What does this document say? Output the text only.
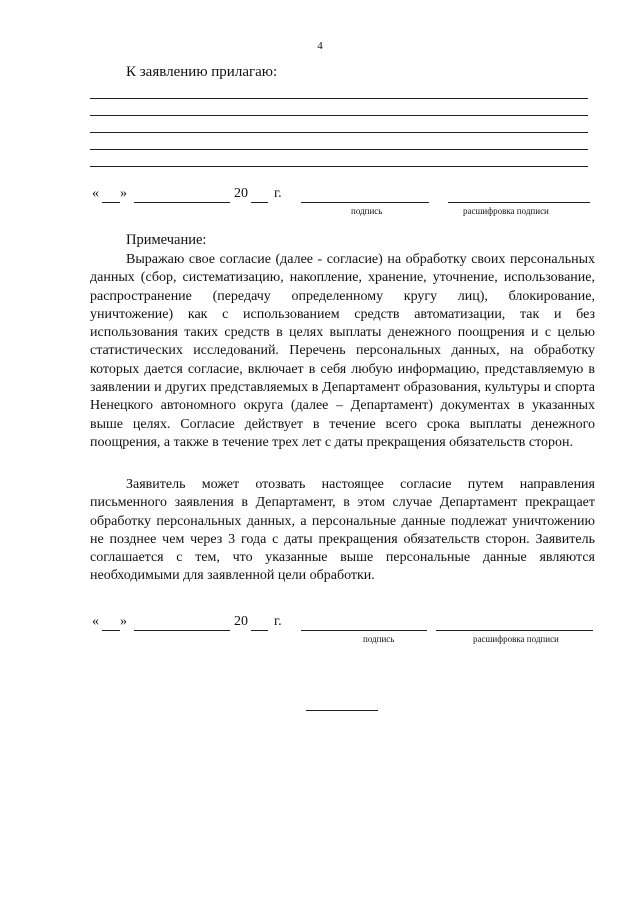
4
К заявлению прилагаю:
« »	20 г.
подпись	расшифровка подписи
Примечание:
Выражаю свое согласие (далее - согласие) на обработку своих персональных данных (сбор, систематизацию, накопление, хранение, уточнение, использование, распространение (передачу определенному кругу лиц), блокирование, уничтожение) как с использованием средств автоматизации, так и без использования таких средств в целях выплаты денежного поощрения и с целью статистических исследований. Перечень персональных данных, на обработку которых дается согласие, включает в себя любую информацию, представляемую в заявлении и других представляемых в Департамент образования, культуры и спорта Ненецкого автономного округа (далее – Департамент) документах в указанных выше целях. Согласие действует в течение всего срока выплаты денежного поощрения, а также в течение трех лет с даты прекращения обязательств сторон.
Заявитель может отозвать настоящее согласие путем направления письменного заявления в Департамент, в этом случае Департамент прекращает обработку персональных данных, а персональные данные подлежат уничтожению не позднее чем через 3 года с даты прекращения обязательств сторон. Заявитель соглашается с тем, что указанные выше персональные данные являются необходимыми для заявленной цели обработки.
« »	20 г.
подпись	расшифровка подписи
